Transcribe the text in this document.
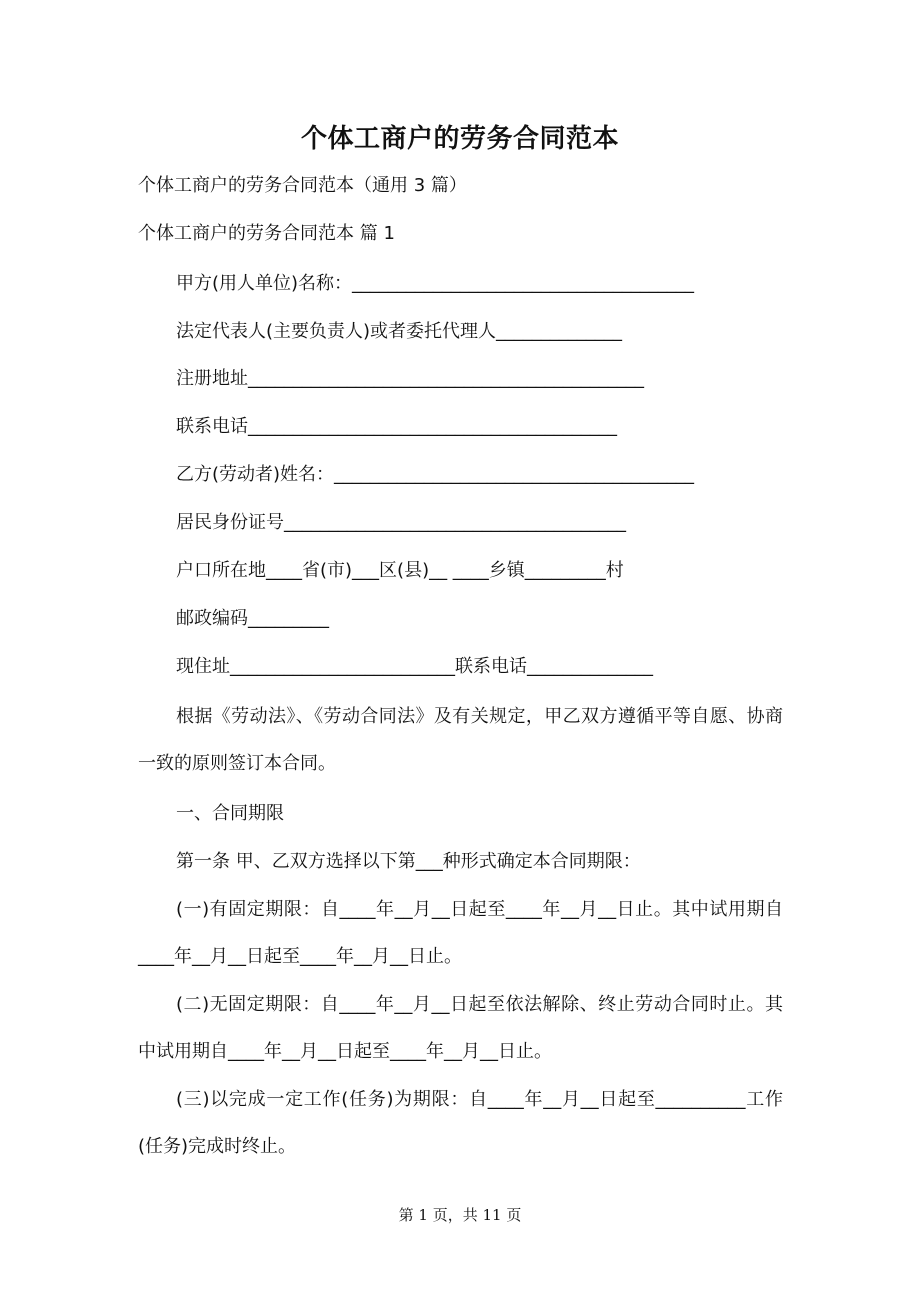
个体工商户的劳务合同范本
个体工商户的劳务合同范本（通用 3 篇）
个体工商户的劳务合同范本 篇 1
甲方(用人单位)名称：______________________________________
法定代表人(主要负责人)或者委托代理人______________
注册地址____________________________________________
联系电话_________________________________________
乙方(劳动者)姓名：________________________________________
居民身份证号______________________________________
户口所在地____省(市)___区(县)__ ____乡镇_________村
邮政编码_________
现住址_________________________联系电话______________
根据《劳动法》、《劳动合同法》及有关规定，甲乙双方遵循平等自愿、协商一致的原则签订本合同。
一、合同期限
第一条 甲、乙双方选择以下第___种形式确定本合同期限：
(一)有固定期限：自____年__月__日起至____年__月__日止。其中试用期自____年__月__日起至____年__月__日止。
(二)无固定期限：自____年__月__日起至依法解除、终止劳动合同时止。其中试用期自____年__月__日起至____年__月__日止。
(三)以完成一定工作(任务)为期限：自____年__月__日起至__________工作(任务)完成时终止。
第 1 页，共 11 页
